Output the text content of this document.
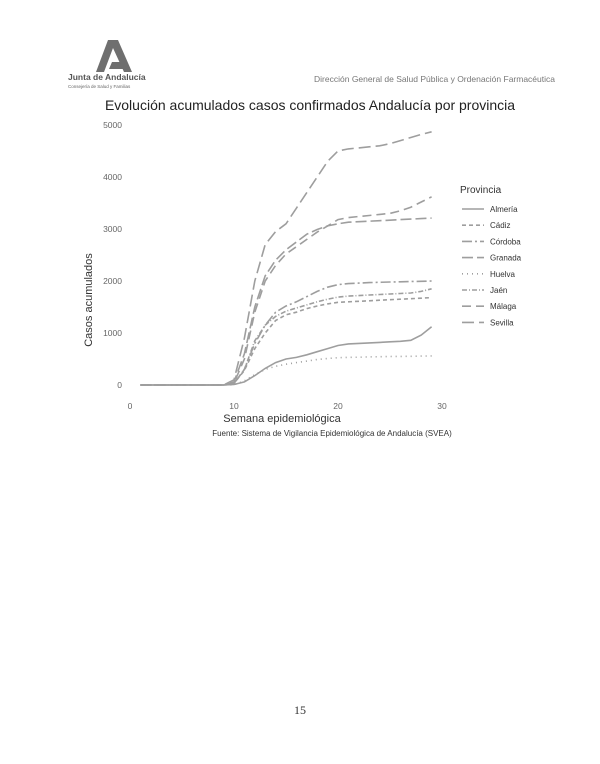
Junta de Andalucía
Consejería de Salud y Familias
Dirección General de Salud Pública y Ordenación Farmacéutica
Evolución acumulados casos confirmados Andalucía por provincia
0
1000
2000
3000
4000
5000
0	10	20	30
Casos acumulados
Semana epidemiológica
Fuente: Sistema de Vigilancia Epidemiológica de Andalucía (SVEA)
Provincia
Almería
Cádiz
Córdoba
Granada
Huelva
Jaén
Málaga
Sevilla
15
